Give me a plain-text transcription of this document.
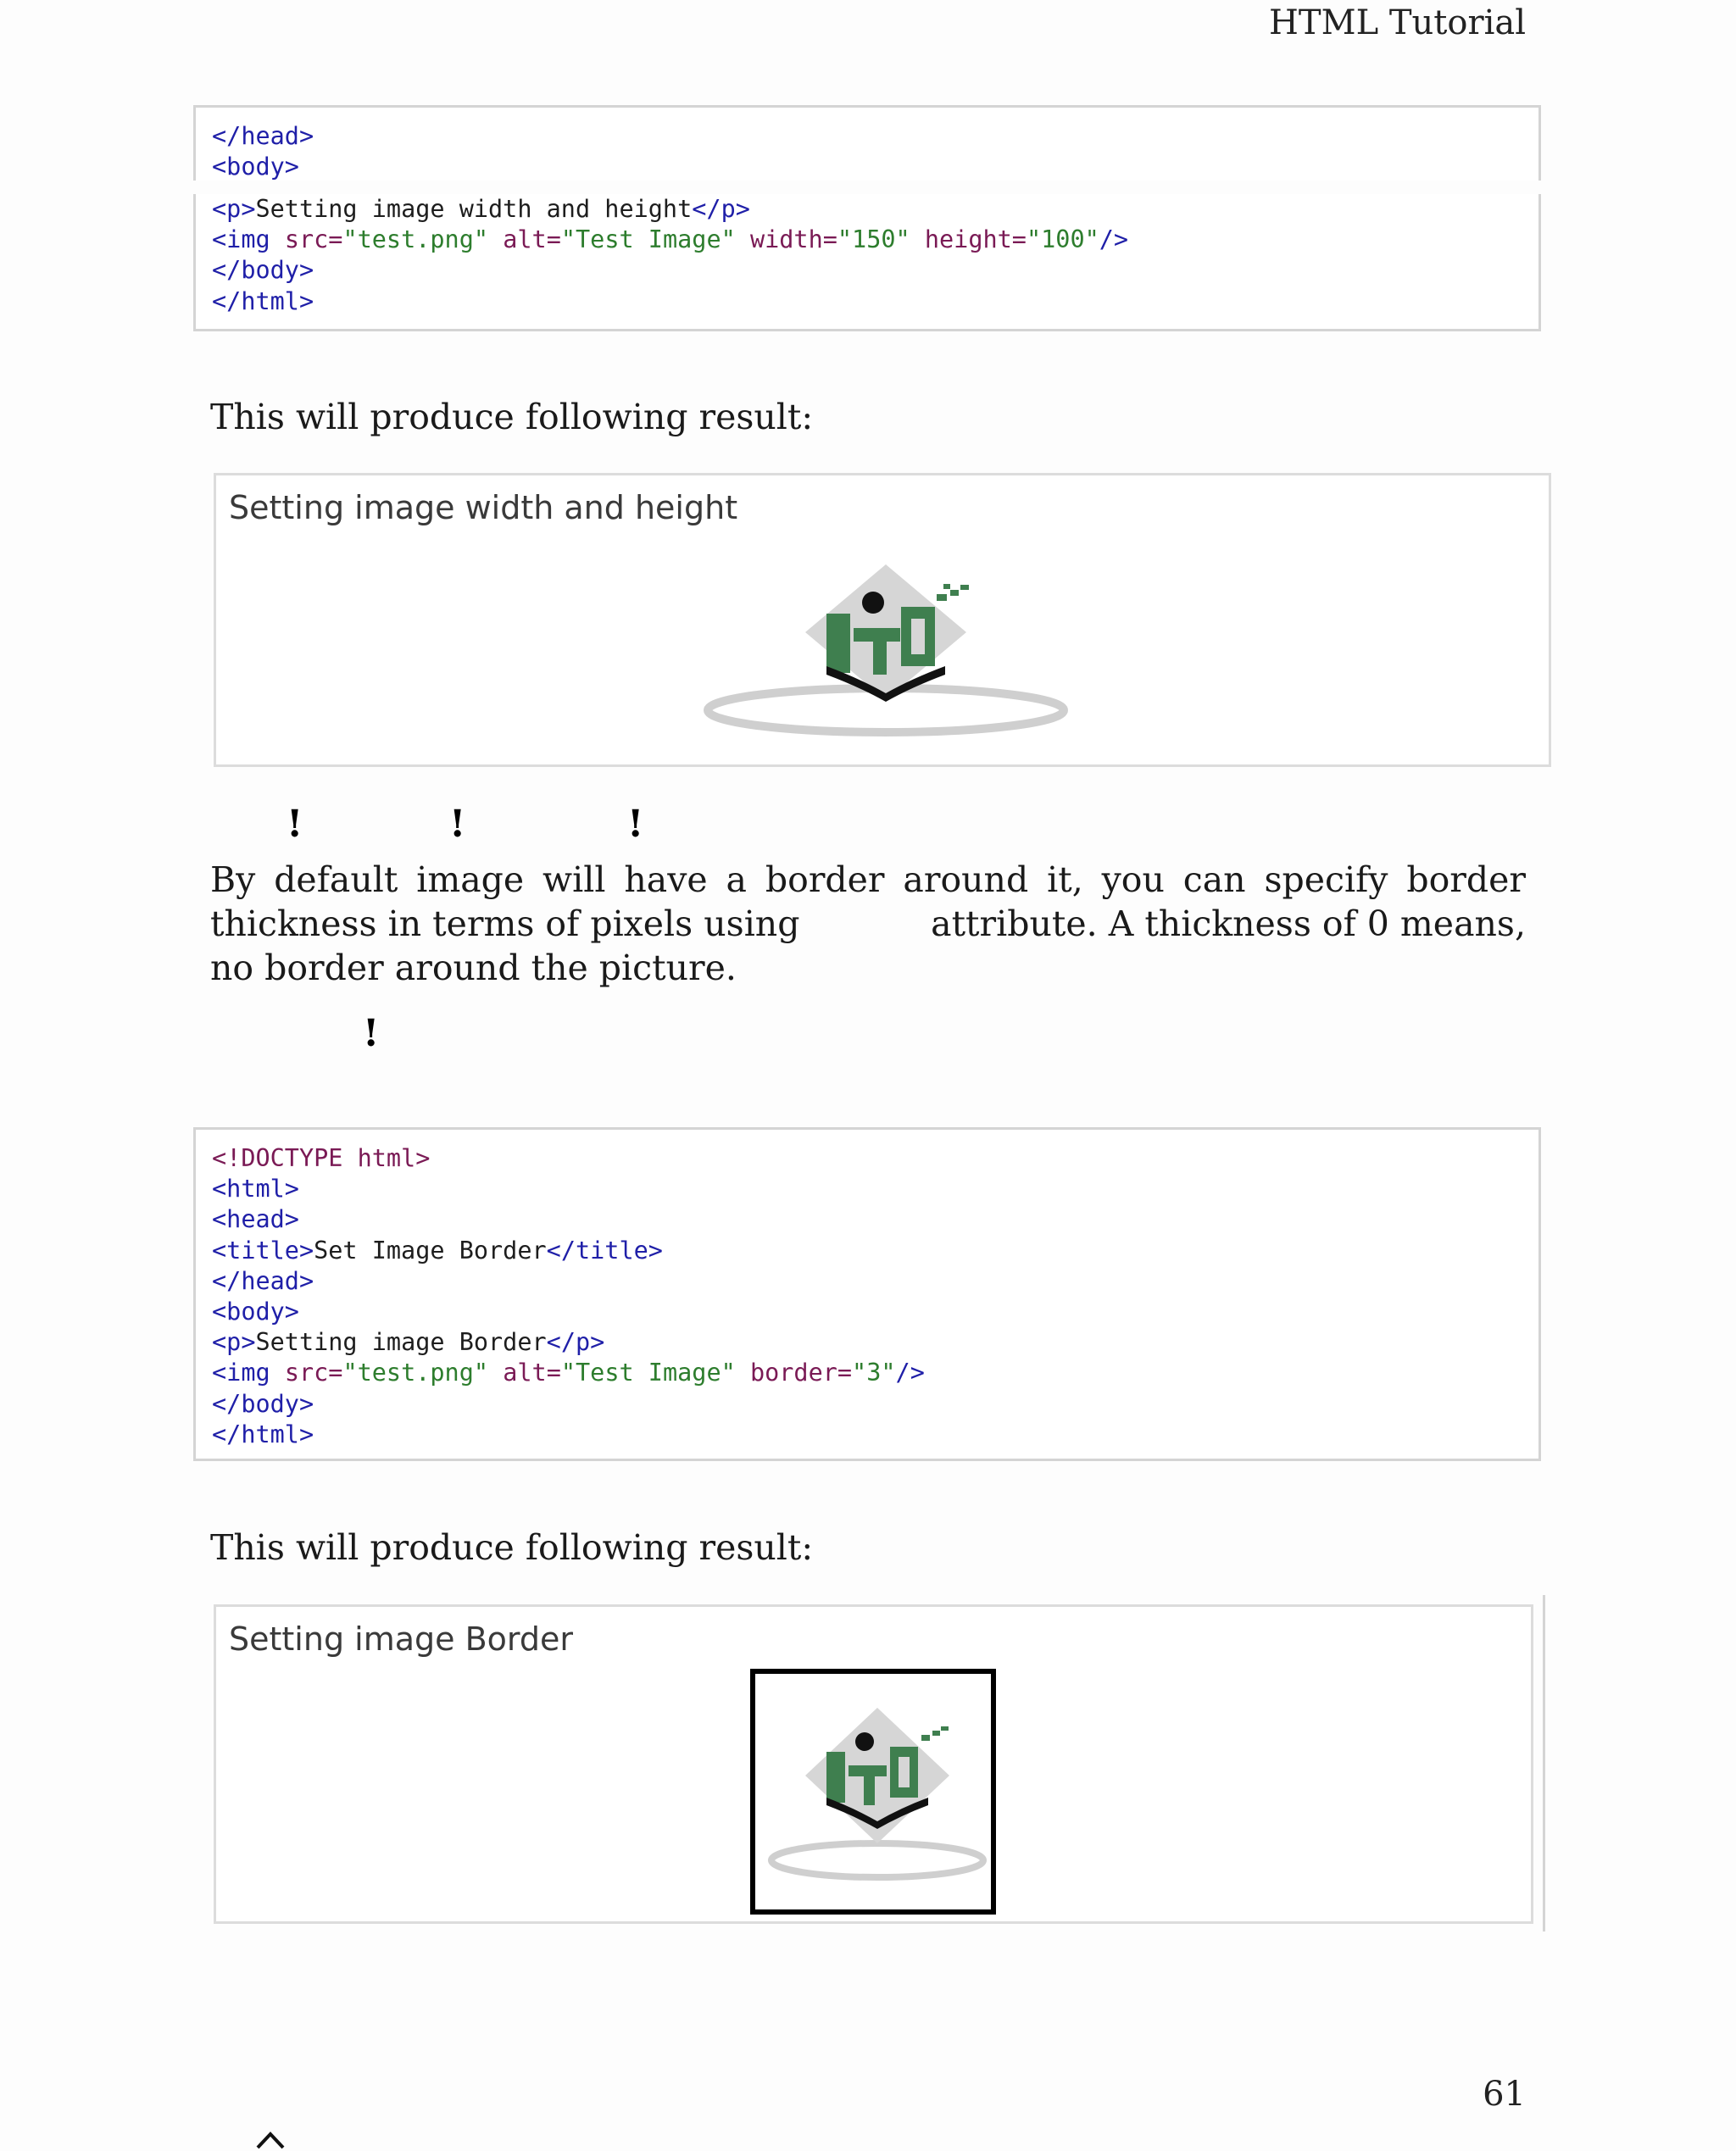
HTML Tutorial
</head>
<body>
<p>Setting image width and height</p>
<img src="test.png" alt="Test Image" width="150" height="100"/>
</body>
</html>
This will produce following result:
Setting image width and height
!	!	!
By default image will have a border around it, you can specify border
thickness in terms of pixels using	attribute. A thickness of 0 means,
no border around the picture.
!
<!DOCTYPE html>
<html>
<head>
<title>Set Image Border</title>
</head>
<body>
<p>Setting image Border</p>
<img src="test.png" alt="Test Image" border="3"/>
</body>
</html>
This will produce following result:
Setting image Border
61
